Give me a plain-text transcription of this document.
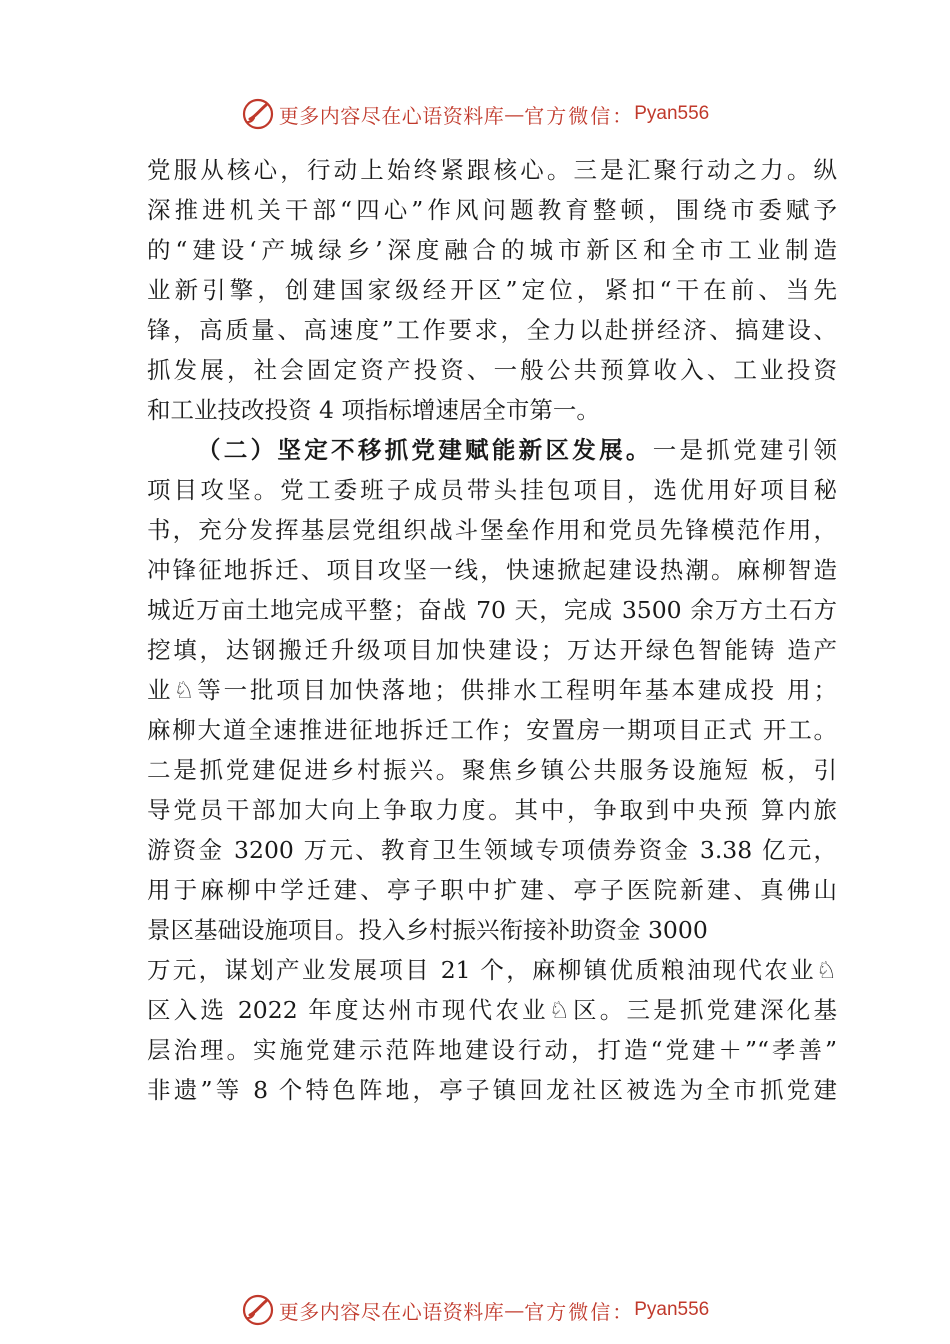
更多内容尽在心语资料库 — 官方微信： Pyan556
党服从核心，行动上始终紧跟核心。三是汇聚行动之力。纵
深推进机关干部“四心”作风问题教育整顿，围绕市委赋予
的“建设‘产城绿乡’深度融合的城市新区和全市工业制造
业新引擎，创建国家级经开区”定位，紧扣“干在前、当先
锋，高质量、高速度”工作要求，全力以赴拼经济、搞建设、
抓发展，社会固定资产投资、一般公共预算收入、工业投资
和工业技改投资 4 项指标增速居全市第一。
（二）坚定不移抓党建赋能新区发展。一是抓党建引领
项目攻坚。党工委班子成员带头挂包项目，选优用好项目秘
书，充分发挥基层党组织战斗堡垒作用和党员先锋模范作用，
冲锋征地拆迁、项目攻坚一线，快速掀起建设热潮。麻柳智造
城近万亩土地完成平整；奋战 70 天，完成 3500 余万方土石方
挖填，达钢搬迁升级项目加快建设；万达开绿色智能铸 造产
业♘等一批项目加快落地；供排水工程明年基本建成投 用；
麻柳大道全速推进征地拆迁工作；安置房一期项目正式 开工。
二是抓党建促进乡村振兴。聚焦乡镇公共服务设施短 板，引
导党员干部加大向上争取力度。其中，争取到中央预 算内旅
游资金 3200 万元、教育卫生领域专项债券资金 3.38 亿元，
用于麻柳中学迁建、亭子职中扩建、亭子医院新建、真佛山
景区基础设施项目。投入乡村振兴衔接补助资金 3000
万元，谋划产业发展项目 21 个，麻柳镇优质粮油现代农业♘
区入选 2022 年度达州市现代农业♘区。三是抓党建深化基
层治理。实施党建示范阵地建设行动，打造“党建＋”“孝善”
非遗”等 8 个特色阵地，亭子镇回龙社区被选为全市抓党建
更多内容尽在心语资料库 — 官方微信： Pyan556
